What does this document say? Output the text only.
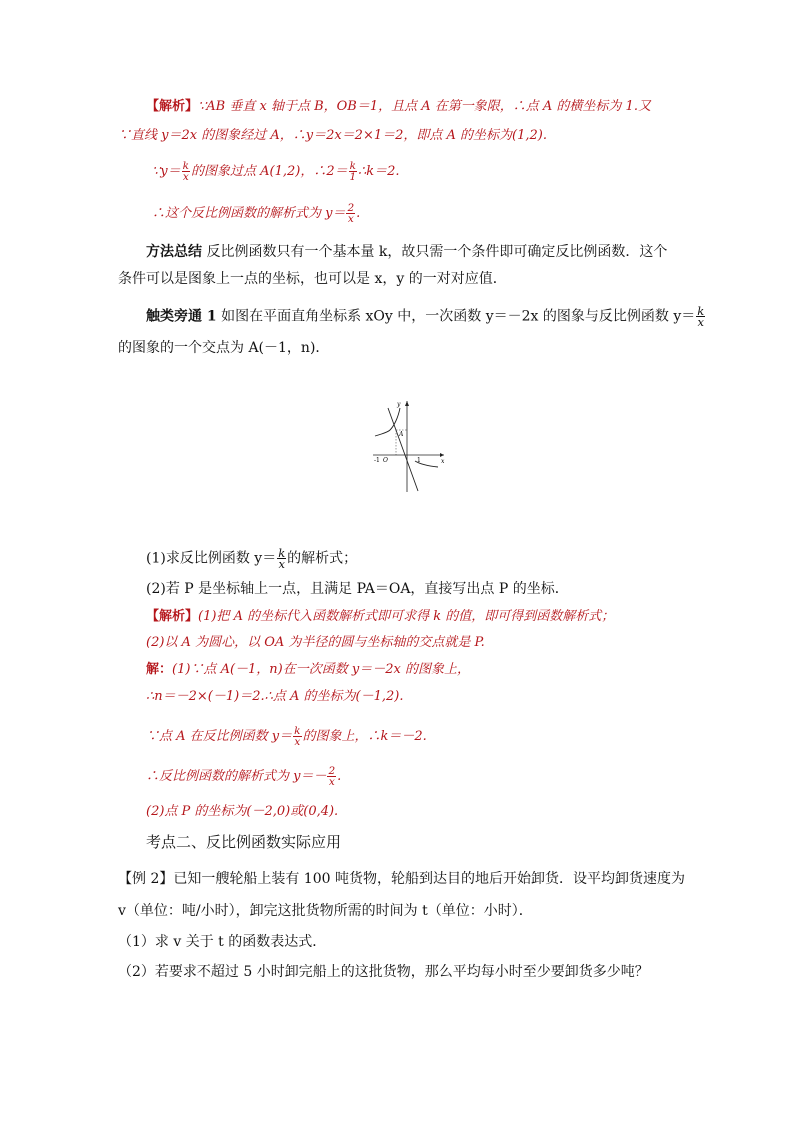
【解析】∵AB 垂直 x 轴于点 B，OB＝1，且点 A 在第一象限，∴点 A 的横坐标为 1.又
∵直线 y＝2x 的图象经过 A，∴y＝2x＝2×1＝2，即点 A 的坐标为(1,2).
∵y＝ $\frac{k}{x}$ 的图象过点 A(1,2)，∴2＝ $\frac{k}{1}$ ∴k＝2.
∴这个反比例函数的解析式为 $y= \frac{2}{x}$ .
方法总结 反比例函数只有一个基本量 k，故只需一个条件即可确定反比例函数．这个
条件可以是图象上一点的坐标，也可以是 x，y 的一对对应值．
触类旁通 1 如图在平面直角坐标系 xOy 中，一次函数 y＝－2x 的图象与反比例函数 $y= \frac{k}{x}$
的图象的一个交点为 A(－1，n)．
y
x
-1 O	1
A
(1)求反比例函数 $y= \frac{k}{x}$ 的解析式；
(2)若 P 是坐标轴上一点，且满足 PA＝OA，直接写出点 P 的坐标．
【解析】(1)把 A 的坐标代入函数解析式即可求得 k 的值，即可得到函数解析式；
(2)以 A 为圆心，以 OA 为半径的圆与坐标轴的交点就是 P.
解：(1)∵点 A(－1，n)在一次函数 y＝－2x 的图象上，
∴n＝－2×(－1)＝2.∴点 A 的坐标为(－1,2).
∵点 A 在反比例函数 $y= \frac{k}{x}$ 的图象上，∴k＝－2.
∴反比例函数的解析式为 $y=- \frac{2}{x}$ .
(2)点 P 的坐标为(－2,0)或(0,4).
考点二、反比例函数实际应用
【例 2】已知一艘轮船上装有 100 吨货物，轮船到达目的地后开始卸货．设平均卸货速度为
v（单位：吨/小时），卸完这批货物所需的时间为 t（单位：小时）．
（1）求 v 关于 t 的函数表达式．
（2）若要求不超过 5 小时卸完船上的这批货物，那么平均每小时至少要卸货多少吨？
